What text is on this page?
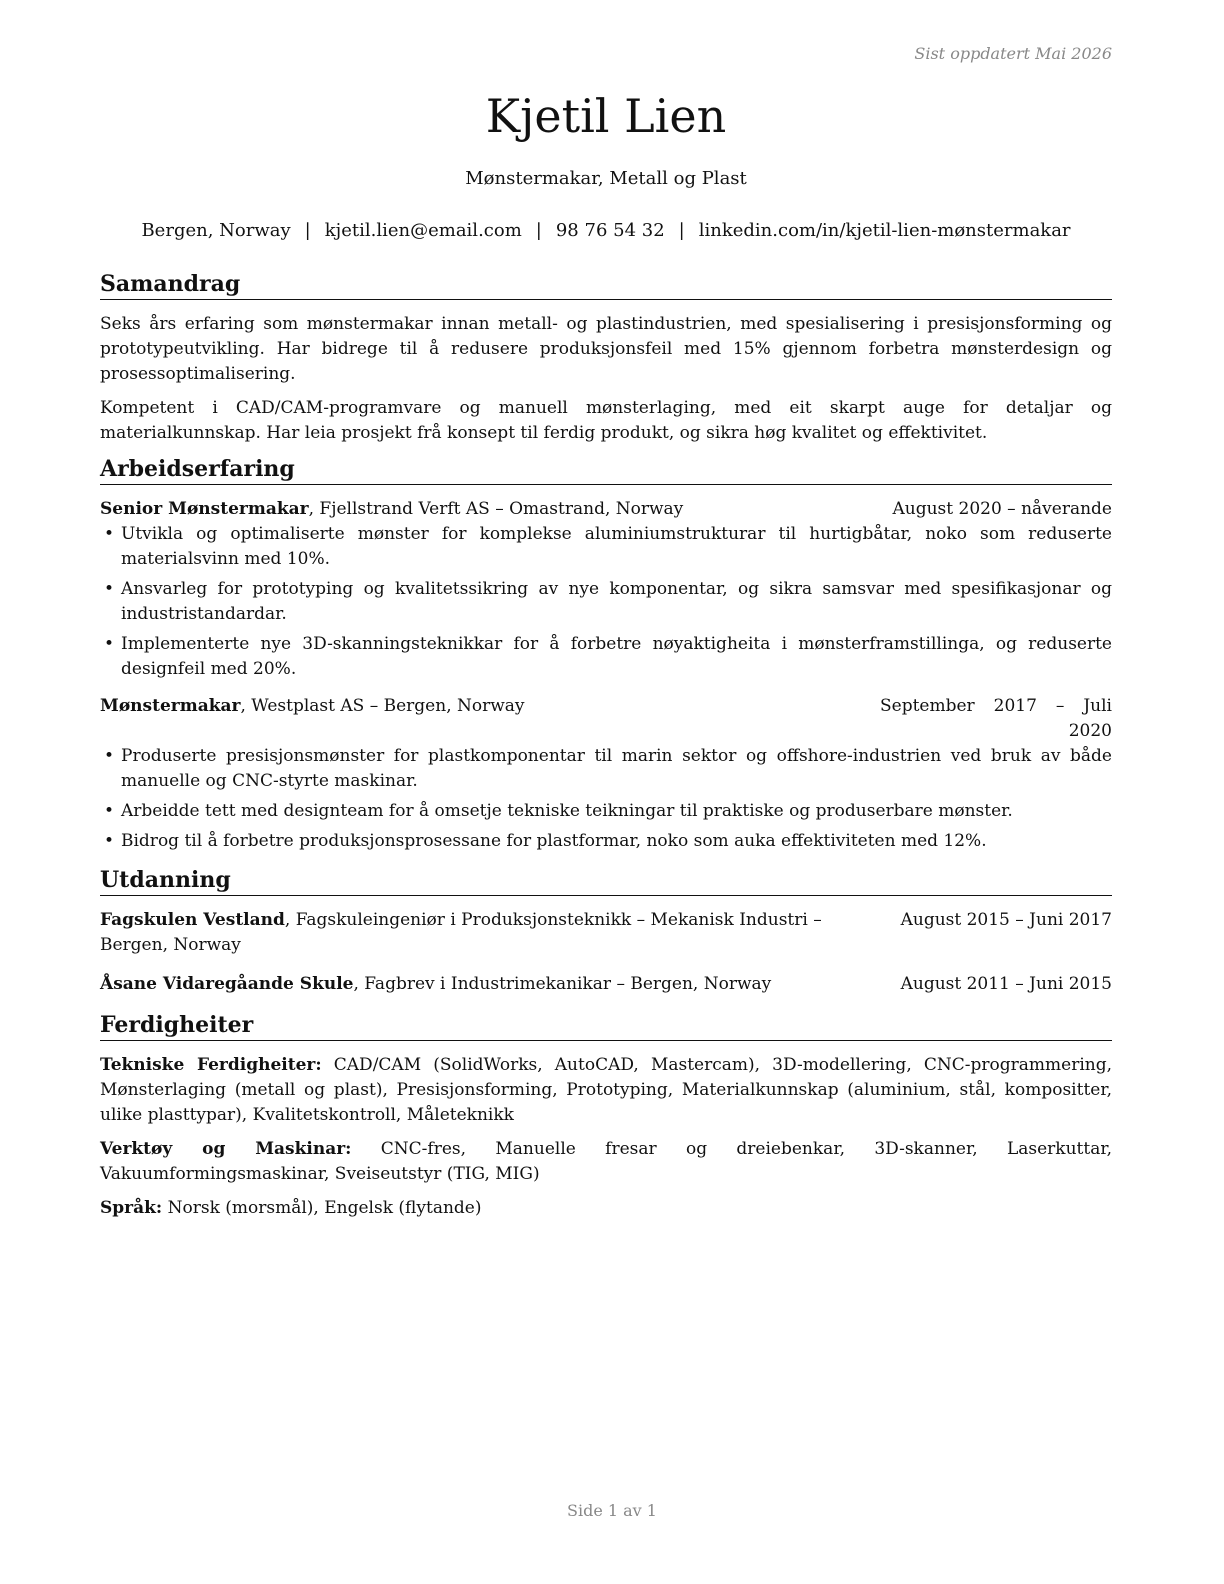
Sist oppdatert Mai 2026
Kjetil Lien
Mønstermakar, Metall og Plast
Bergen, Norway | kjetil.lien@email.com | 98 76 54 32 | linkedin.com/in/kjetil-lien-mønstermakar
Samandrag

Seks års erfaring som mønstermakar innan metall- og plastindustrien, med spesialisering i presisjonsforming og prototypeutvikling. Har bidrege til å redusere produksjonsfeil med 15% gjennom forbetra mønsterdesign og prosessoptimalisering.

Kompetent i CAD/CAM-programvare og manuell mønsterlaging, med eit skarpt auge for detaljar og materialkunnskap. Har leia prosjekt frå konsept til ferdig produkt, og sikra høg kvalitet og effektivitet.

Arbeidserfaring
Senior Mønstermakar, Fjellstrand Verft AS – Omastrand, Norway	August 2020 – nåverande
• Utvikla og optimaliserte mønster for komplekse aluminiumstrukturar til hurtigbåtar, noko som reduserte materialsvinn med 10%.
• Ansvarleg for prototyping og kvalitetssikring av nye komponentar, og sikra samsvar med spesifikasjonar og industristandardar.
• Implementerte nye 3D-skanningsteknikkar for å forbetre nøyaktigheita i mønsterframstillinga, og reduserte designfeil med 20%.
Mønstermakar, Westplast AS – Bergen, Norway	September 2017 – Juli 2020
• Produserte presisjonsmønster for plastkomponentar til marin sektor og offshore-industrien ved bruk av både manuelle og CNC-styrte maskinar.
• Arbeidde tett med designteam for å omsetje tekniske teikningar til praktiske og produserbare mønster.
• Bidrog til å forbetre produksjonsprosessane for plastformar, noko som auka effektiviteten med 12%.
Utdanning
Fagskulen Vestland, Fagskuleingeniør i Produksjonsteknikk – Mekanisk Industri – Bergen, Norway
August 2015 – Juni 2017
Åsane Vidaregåande Skule, Fagbrev i Industrimekanikar – Bergen, Norway	August 2011 – Juni 2015
Ferdigheiter

Tekniske Ferdigheiter: CAD/CAM (SolidWorks, AutoCAD, Mastercam), 3D-modellering, CNC-programmering, Mønsterlaging (metall og plast), Presisjonsforming, Prototyping, Materialkunnskap (aluminium, stål, kompositter, ulike plasttypar), Kvalitetskontroll, Måleteknikk

Verktøy og Maskinar: CNC-fres, Manuelle fresar og dreiebenkar, 3D-skanner, Laserkuttar, Vakuumformingsmaskinar, Sveiseutstyr (TIG, MIG)

Språk: Norsk (morsmål), Engelsk (flytande)

Side 1 av 1
